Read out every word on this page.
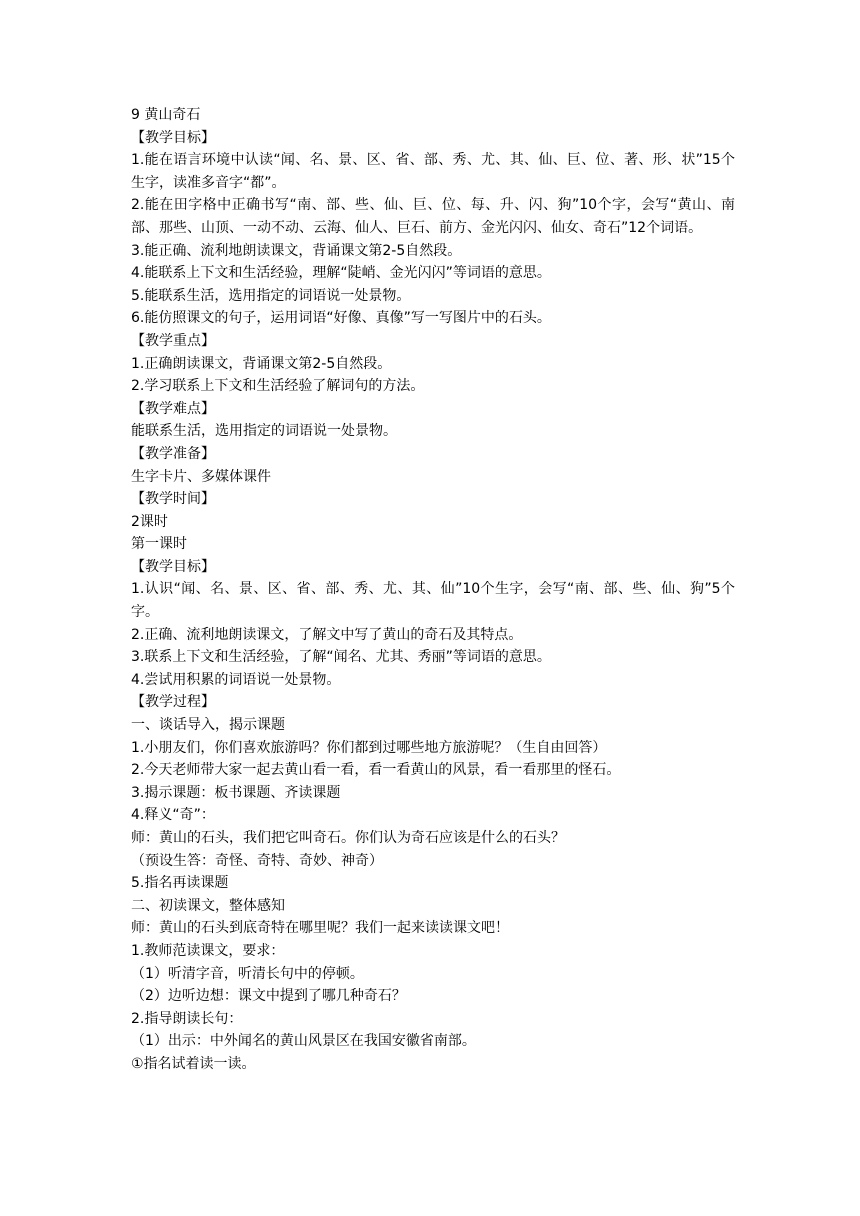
9 黄山奇石
【教学目标】
1.能在语言环境中认读“闻、名、景、区、省、部、秀、尤、其、仙、巨、位、著、形、状”15个生字，读准多音字“都”。
2.能在田字格中正确书写“南、部、些、仙、巨、位、每、升、闪、狗”10个字，会写“黄山、南部、那些、山顶、一动不动、云海、仙人、巨石、前方、金光闪闪、仙女、奇石”12个词语。
3.能正确、流利地朗读课文，背诵课文第2-5自然段。
4.能联系上下文和生活经验，理解“陡峭、金光闪闪”等词语的意思。
5.能联系生活，选用指定的词语说一处景物。
6.能仿照课文的句子，运用词语“好像、真像”写一写图片中的石头。
【教学重点】
1.正确朗读课文，背诵课文第2-5自然段。
2.学习联系上下文和生活经验了解词句的方法。
【教学难点】
能联系生活，选用指定的词语说一处景物。
【教学准备】
生字卡片、多媒体课件
【教学时间】
2课时
第一课时
【教学目标】
1.认识“闻、名、景、区、省、部、秀、尤、其、仙”10个生字，会写“南、部、些、仙、狗”5个字。
2.正确、流利地朗读课文，了解文中写了黄山的奇石及其特点。
3.联系上下文和生活经验，了解“闻名、尤其、秀丽”等词语的意思。
4.尝试用积累的词语说一处景物。
【教学过程】
一、谈话导入，揭示课题
1.小朋友们，你们喜欢旅游吗？你们都到过哪些地方旅游呢？（生自由回答）
2.今天老师带大家一起去黄山看一看，看一看黄山的风景，看一看那里的怪石。
3.揭示课题：板书课题、齐读课题
4.释义“奇”：
师：黄山的石头，我们把它叫奇石。你们认为奇石应该是什么的石头？
（预设生答：奇怪、奇特、奇妙、神奇）
5.指名再读课题
二、初读课文，整体感知
师：黄山的石头到底奇特在哪里呢？我们一起来读读课文吧！
1.教师范读课文，要求：
（1）听清字音，听清长句中的停顿。
（2）边听边想：课文中提到了哪几种奇石？
2.指导朗读长句：
（1）出示：中外闻名的黄山风景区在我国安徽省南部。
①指名试着读一读。
